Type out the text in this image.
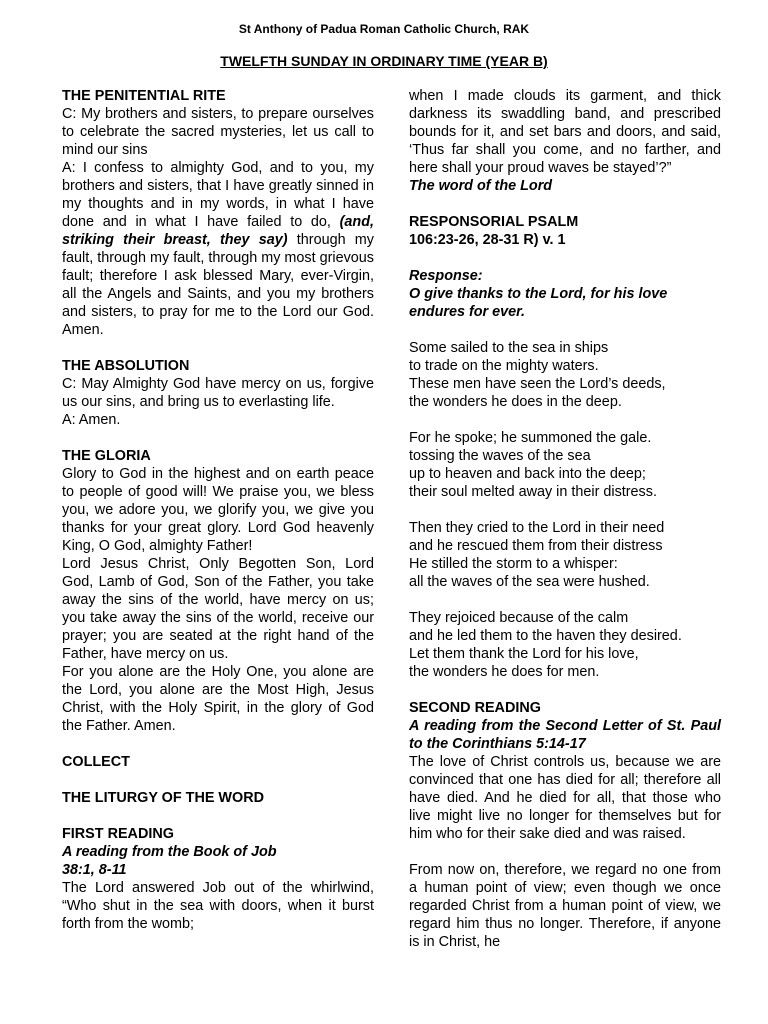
St Anthony of Padua Roman Catholic Church, RAK
TWELFTH SUNDAY IN ORDINARY TIME (YEAR B)

THE PENITENTIAL RITE

C: My brothers and sisters, to prepare ourselves to celebrate the sacred mysteries, let us call to mind our sins

A: I confess to almighty God, and to you, my brothers and sisters, that I have greatly sinned in my thoughts and in my words, in what I have done and in what I have failed to do, (and, striking their breast, they say) through my fault, through my fault, through my most grievous fault; therefore I ask blessed Mary, ever-Virgin, all the Angels and Saints, and you my brothers and sisters, to pray for me to the Lord our God. Amen.

THE ABSOLUTION

C: May Almighty God have mercy on us, forgive us our sins, and bring us to everlasting life.

A: Amen.

THE GLORIA

Glory to God in the highest and on earth peace to people of good will! We praise you, we bless you, we adore you, we glorify you, we give you thanks for your great glory. Lord God heavenly King, O God, almighty Father!

Lord Jesus Christ, Only Begotten Son, Lord God, Lamb of God, Son of the Father, you take away the sins of the world, have mercy on us; you take away the sins of the world, receive our prayer; you are seated at the right hand of the Father, have mercy on us.

For you alone are the Holy One, you alone are the Lord, you alone are the Most High, Jesus Christ, with the Holy Spirit, in the glory of God the Father. Amen.

COLLECT

THE LITURGY OF THE WORD

FIRST READING

A reading from the Book of Job

38:1, 8-11

The Lord answered Job out of the whirlwind, “Who shut in the sea with doors, when it burst forth from the womb;

when I made clouds its garment, and thick darkness its swaddling band, and prescribed bounds for it, and set bars and doors, and said, ‘Thus far shall you come, and no farther, and here shall your proud waves be stayed’?”

The word of the Lord

RESPONSORIAL PSALM

106:23-26, 28-31 R) v. 1

Response:

O give thanks to the Lord, for his love endures for ever.

Some sailed to the sea in ships

to trade on the mighty waters.

These men have seen the Lord’s deeds,

the wonders he does in the deep.

For he spoke; he summoned the gale.

tossing the waves of the sea

up to heaven and back into the deep;

their soul melted away in their distress.

Then they cried to the Lord in their need

and he rescued them from their distress

He stilled the storm to a whisper:

all the waves of the sea were hushed.

They rejoiced because of the calm

and he led them to the haven they desired.

Let them thank the Lord for his love,

the wonders he does for men.

SECOND READING

A reading from the Second Letter of St. Paul to the Corinthians 5:14-17

The love of Christ controls us, because we are convinced that one has died for all; therefore all have died. And he died for all, that those who live might live no longer for themselves but for him who for their sake died and was raised.

From now on, therefore, we regard no one from a human point of view; even though we once regarded Christ from a human point of view, we regard him thus no longer. Therefore, if anyone is in Christ, he
